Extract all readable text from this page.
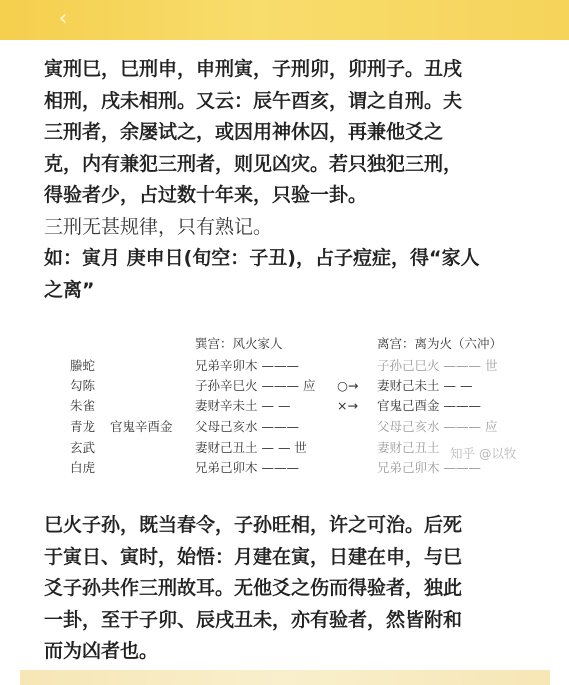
‹
寅刑巳，巳刑申，申刑寅，子刑卯，卯刑子。丑戌
相刑，戌未相刑。又云：辰午酉亥，谓之自刑。夫
三刑者，余屡试之，或因用神休囚，再兼他爻之
克，内有兼犯三刑者，则见凶灾。若只独犯三刑，
得验者少，占过数十年来，只验一卦。
三刑无甚规律，只有熟记。
如：寅月 庚申日(旬空：子丑)，占子痘症，得“家人
之离”
巽宫：风火家人	离宫：离为火（六冲）
螣蛇	兄弟辛卯木 ———	子孙己巳火 ——— 世
勾陈	子孙辛巳火 ——— 应 ○→ 妻财己未土 — —
朱雀	妻财辛未土 — —	×→ 官鬼己酉金 ———
青龙 官鬼辛酉金 父母己亥水 ———	父母己亥水 ——— 应
玄武	妻财己丑土 — — 世	妻财己丑土 知乎 @以牧
白虎	兄弟己卯木 ———	兄弟己卯木 ———
巳火子孙，既当春令，子孙旺相，许之可治。后死
于寅日、寅时，始悟：月建在寅，日建在申，与巳
爻子孙共作三刑故耳。无他爻之伤而得验者，独此
一卦，至于子卯、辰戌丑未，亦有验者，然皆附和
而为凶者也。
